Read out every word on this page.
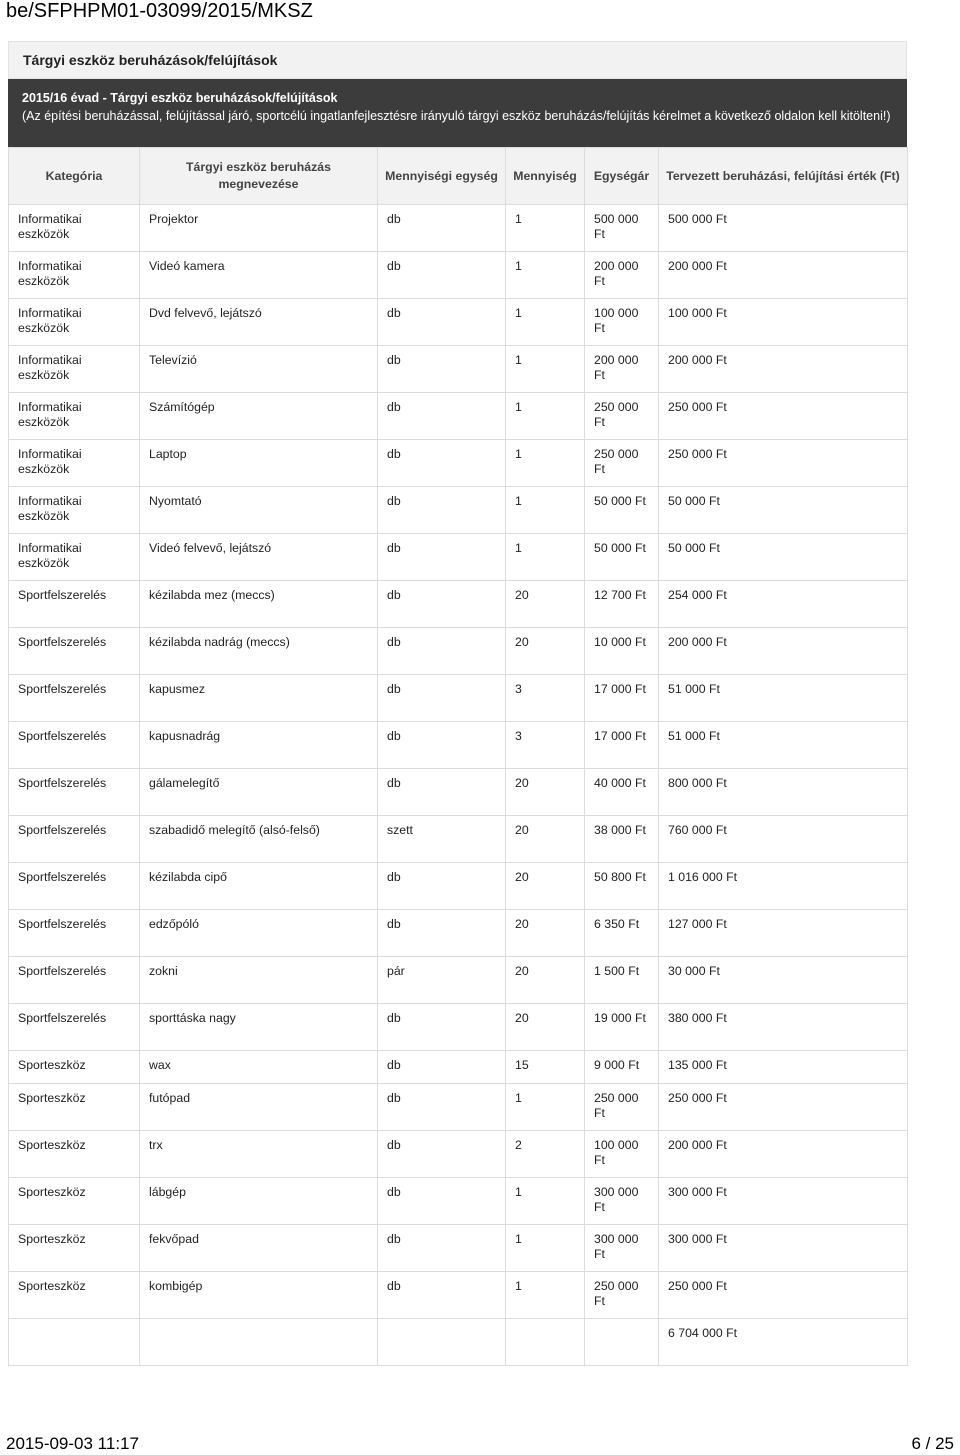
be/SFPHPM01-03099/2015/MKSZ
Tárgyi eszköz beruházások/felújítások
2015/16 évad - Tárgyi eszköz beruházások/felújítások
(Az építési beruházással, felújítással járó, sportcélú ingatlanfejlesztésre irányuló tárgyi eszköz beruházás/felújítás kérelmet a következő oldalon kell kitölteni!)
Kategória	Tárgyi eszköz beruházás megnevezése	Mennyiségi egység	Mennyiség	Egységár	Tervezett beruházási, felújítási érték (Ft)
Informatikai eszközök	Projektor	db	1	500 000 Ft	500 000 Ft
Informatikai eszközök	Videó kamera	db	1	200 000 Ft	200 000 Ft
Informatikai eszközök	Dvd felvevő, lejátszó	db	1	100 000 Ft	100 000 Ft
Informatikai eszközök	Televízió	db	1	200 000 Ft	200 000 Ft
Informatikai eszközök	Számítógép	db	1	250 000 Ft	250 000 Ft
Informatikai eszközök	Laptop	db	1	250 000 Ft	250 000 Ft
Informatikai eszközök	Nyomtató	db	1	50 000 Ft	50 000 Ft
Informatikai eszközök	Videó felvevő, lejátszó	db	1	50 000 Ft	50 000 Ft
Sportfelszerelés	kézilabda mez (meccs)	db	20	12 700 Ft	254 000 Ft
Sportfelszerelés	kézilabda nadrág (meccs)	db	20	10 000 Ft	200 000 Ft
Sportfelszerelés	kapusmez	db	3	17 000 Ft	51 000 Ft
Sportfelszerelés	kapusnadrág	db	3	17 000 Ft	51 000 Ft
Sportfelszerelés	gálamelegítő	db	20	40 000 Ft	800 000 Ft
Sportfelszerelés	szabadidő melegítő (alsó-felső)	szett	20	38 000 Ft	760 000 Ft
Sportfelszerelés	kézilabda cipő	db	20	50 800 Ft	1 016 000 Ft
Sportfelszerelés	edzőpóló	db	20	6 350 Ft	127 000 Ft
Sportfelszerelés	zokni	pár	20	1 500 Ft	30 000 Ft
Sportfelszerelés	sporttáska nagy	db	20	19 000 Ft	380 000 Ft
Sporteszköz	wax	db	15	9 000 Ft	135 000 Ft
Sporteszköz	futópad	db	1	250 000 Ft	250 000 Ft
Sporteszköz	trx	db	2	100 000 Ft	200 000 Ft
Sporteszköz	lábgép	db	1	300 000 Ft	300 000 Ft
Sporteszköz	fekvőpad	db	1	300 000 Ft	300 000 Ft
Sporteszköz	kombigép	db	1	250 000 Ft	250 000 Ft
					6 704 000 Ft
2015-09-03 11:17	6 / 25
